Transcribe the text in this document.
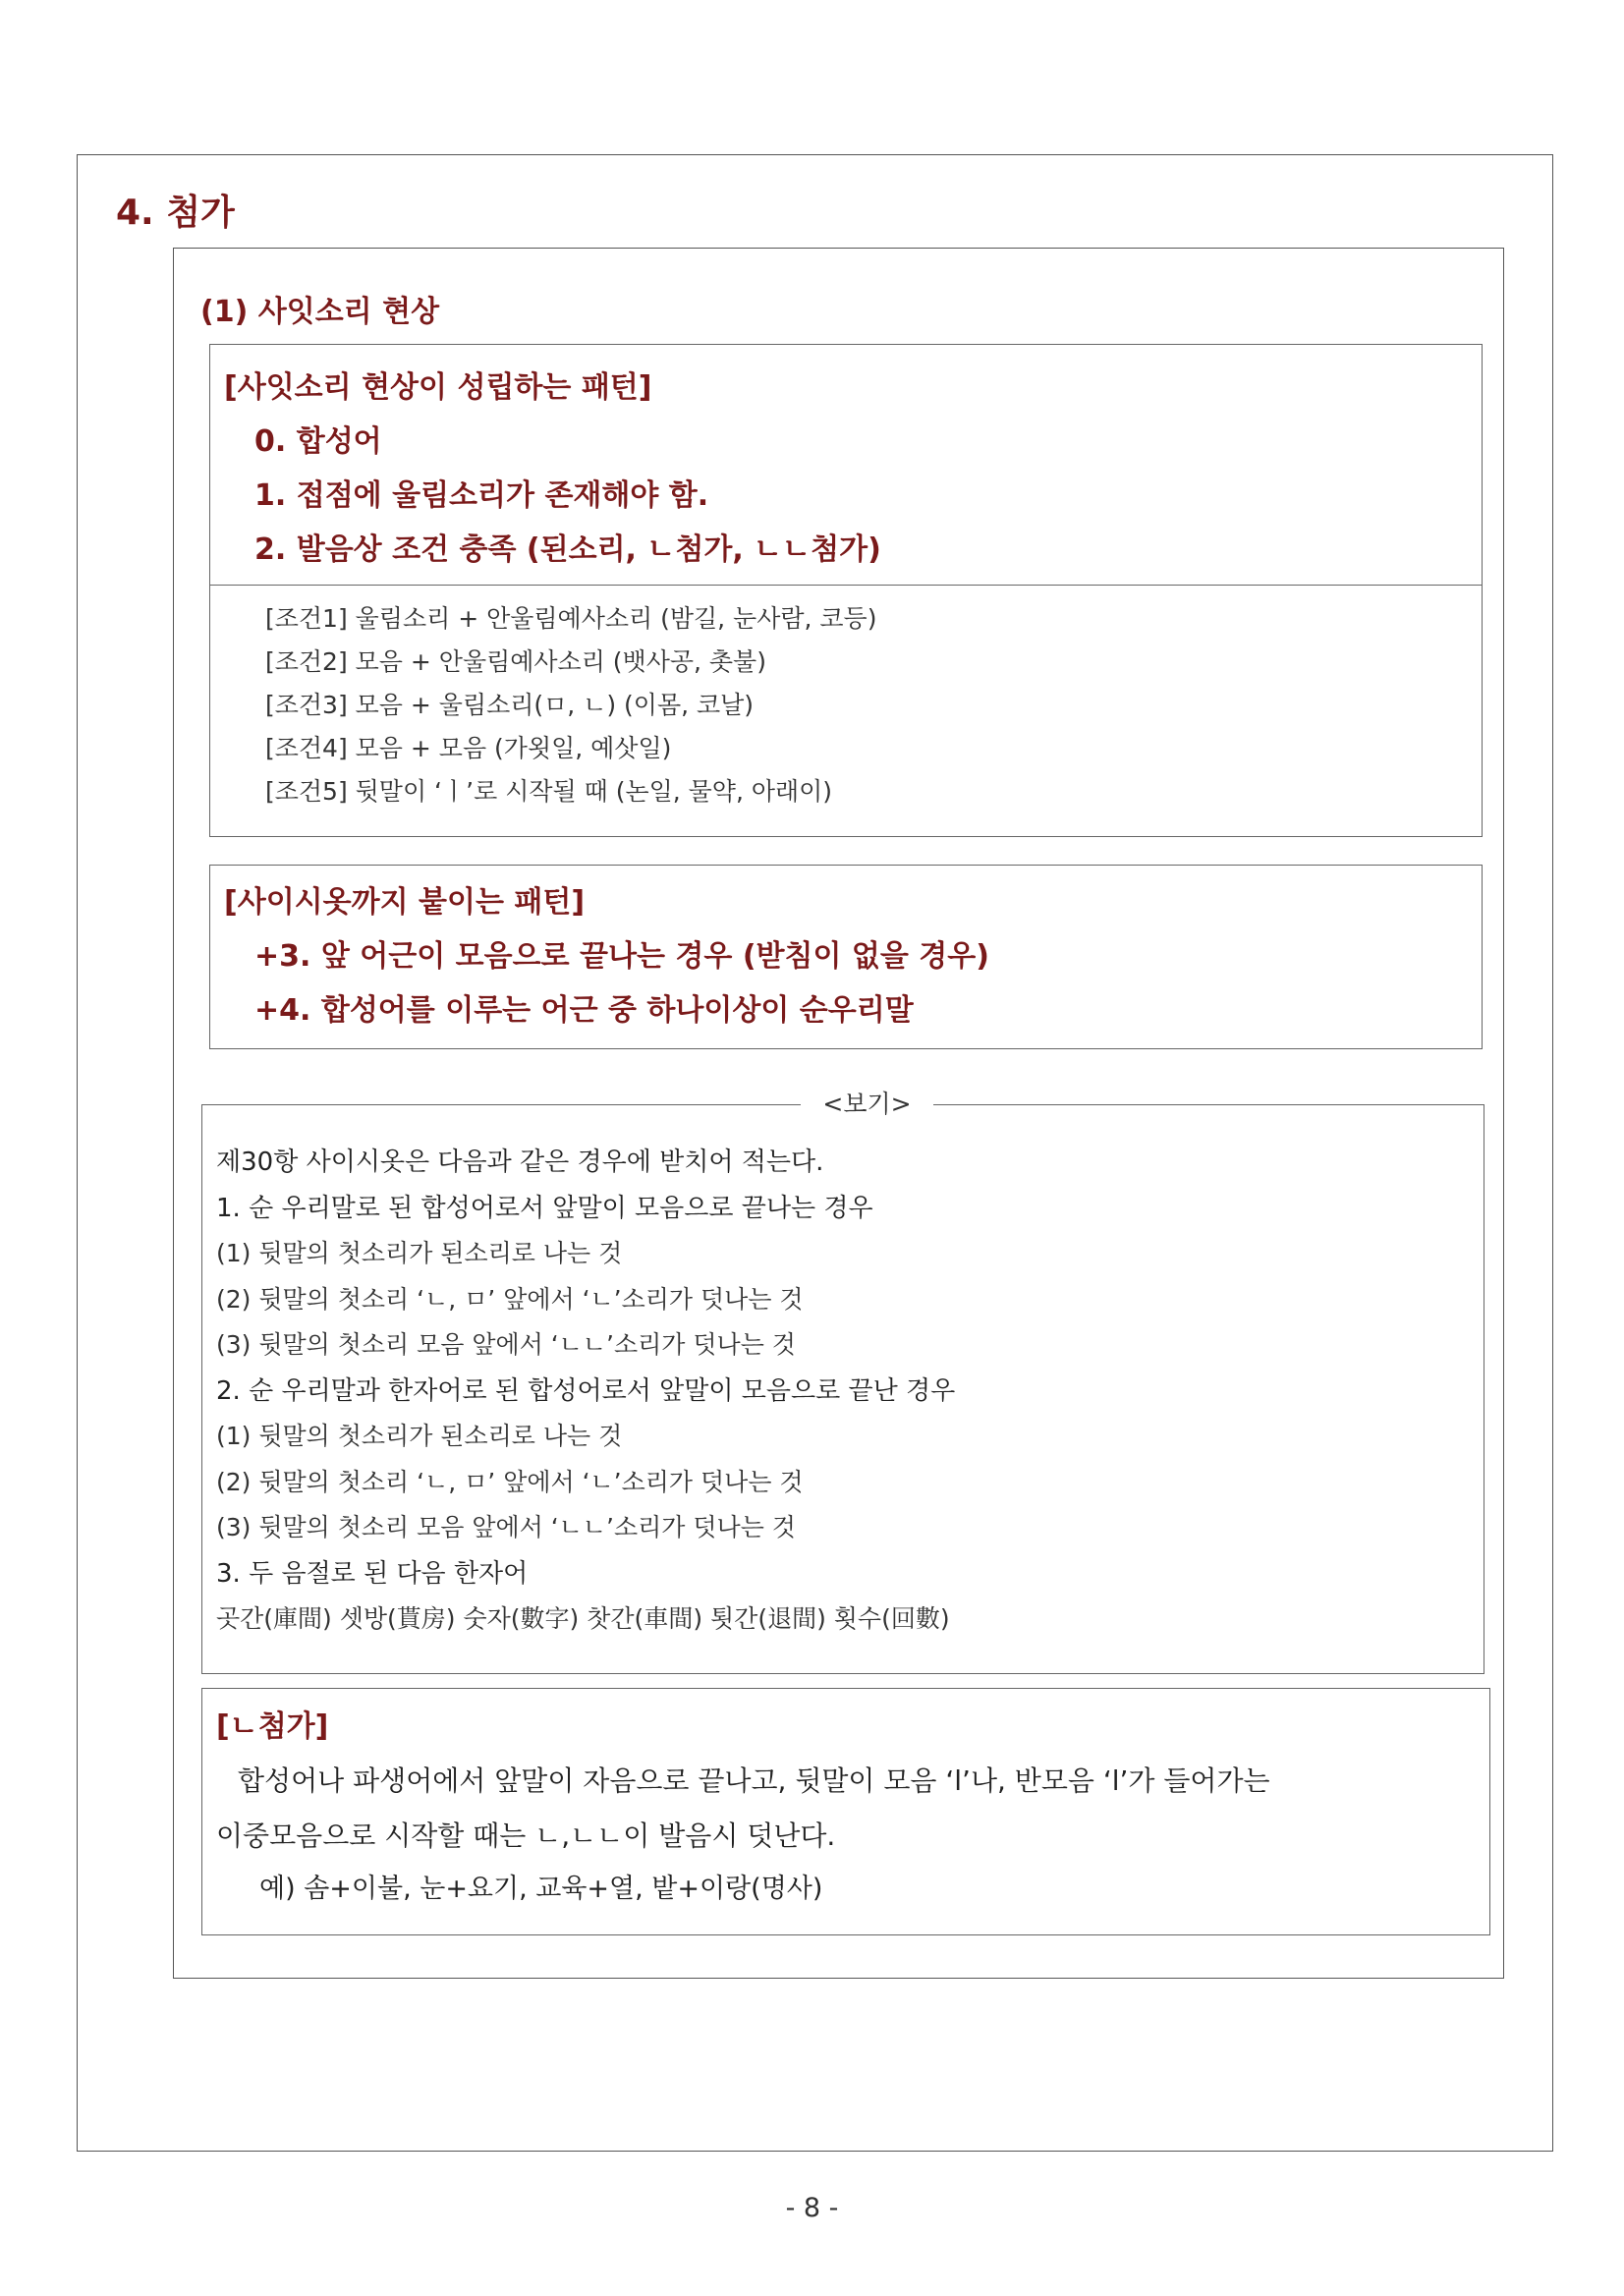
4. 첨가
(1) 사잇소리 현상
[사잇소리 현상이 성립하는 패턴]
0. 합성어
1. 접점에 울림소리가 존재해야 함.
2. 발음상 조건 충족 (된소리, ㄴ첨가, ㄴㄴ첨가)
[조건1] 울림소리 + 안울림예사소리 (밤길, 눈사람, 코등)
[조건2] 모음 + 안울림예사소리 (뱃사공, 촛불)
[조건3] 모음 + 울림소리(ㅁ, ㄴ) (이몸, 코날)
[조건4] 모음 + 모음 (가욋일, 예삿일)
[조건5] 뒷말이 ‘ㅣ’로 시작될 때 (논일, 물약, 아래이)
[사이시옷까지 붙이는 패턴]
+3. 앞 어근이 모음으로 끝나는 경우 (받침이 없을 경우)
+4. 합성어를 이루는 어근 중 하나이상이 순우리말
<보기>
제30항 사이시옷은 다음과 같은 경우에 받치어 적는다.
1. 순 우리말로 된 합성어로서 앞말이 모음으로 끝나는 경우
(1) 뒷말의 첫소리가 된소리로 나는 것
(2) 뒷말의 첫소리 ‘ㄴ, ㅁ’ 앞에서 ‘ㄴ’소리가 덧나는 것
(3) 뒷말의 첫소리 모음 앞에서 ‘ㄴㄴ’소리가 덧나는 것
2. 순 우리말과 한자어로 된 합성어로서 앞말이 모음으로 끝난 경우
(1) 뒷말의 첫소리가 된소리로 나는 것
(2) 뒷말의 첫소리 ‘ㄴ, ㅁ’ 앞에서 ‘ㄴ’소리가 덧나는 것
(3) 뒷말의 첫소리 모음 앞에서 ‘ㄴㄴ’소리가 덧나는 것
3. 두 음절로 된 다음 한자어
곳간(庫間) 셋방(貰房) 숫자(數字) 찻간(車間) 툇간(退間) 횟수(回數)
[ㄴ첨가]
합성어나 파생어에서 앞말이 자음으로 끝나고, 뒷말이 모음 ‘l’나, 반모음 ‘l’가 들어가는
이중모음으로 시작할 때는 ㄴ,ㄴㄴ이 발음시 덧난다.
예) 솜+이불, 눈+요기, 교육+열, 밭+이랑(명사)
- 8 -
